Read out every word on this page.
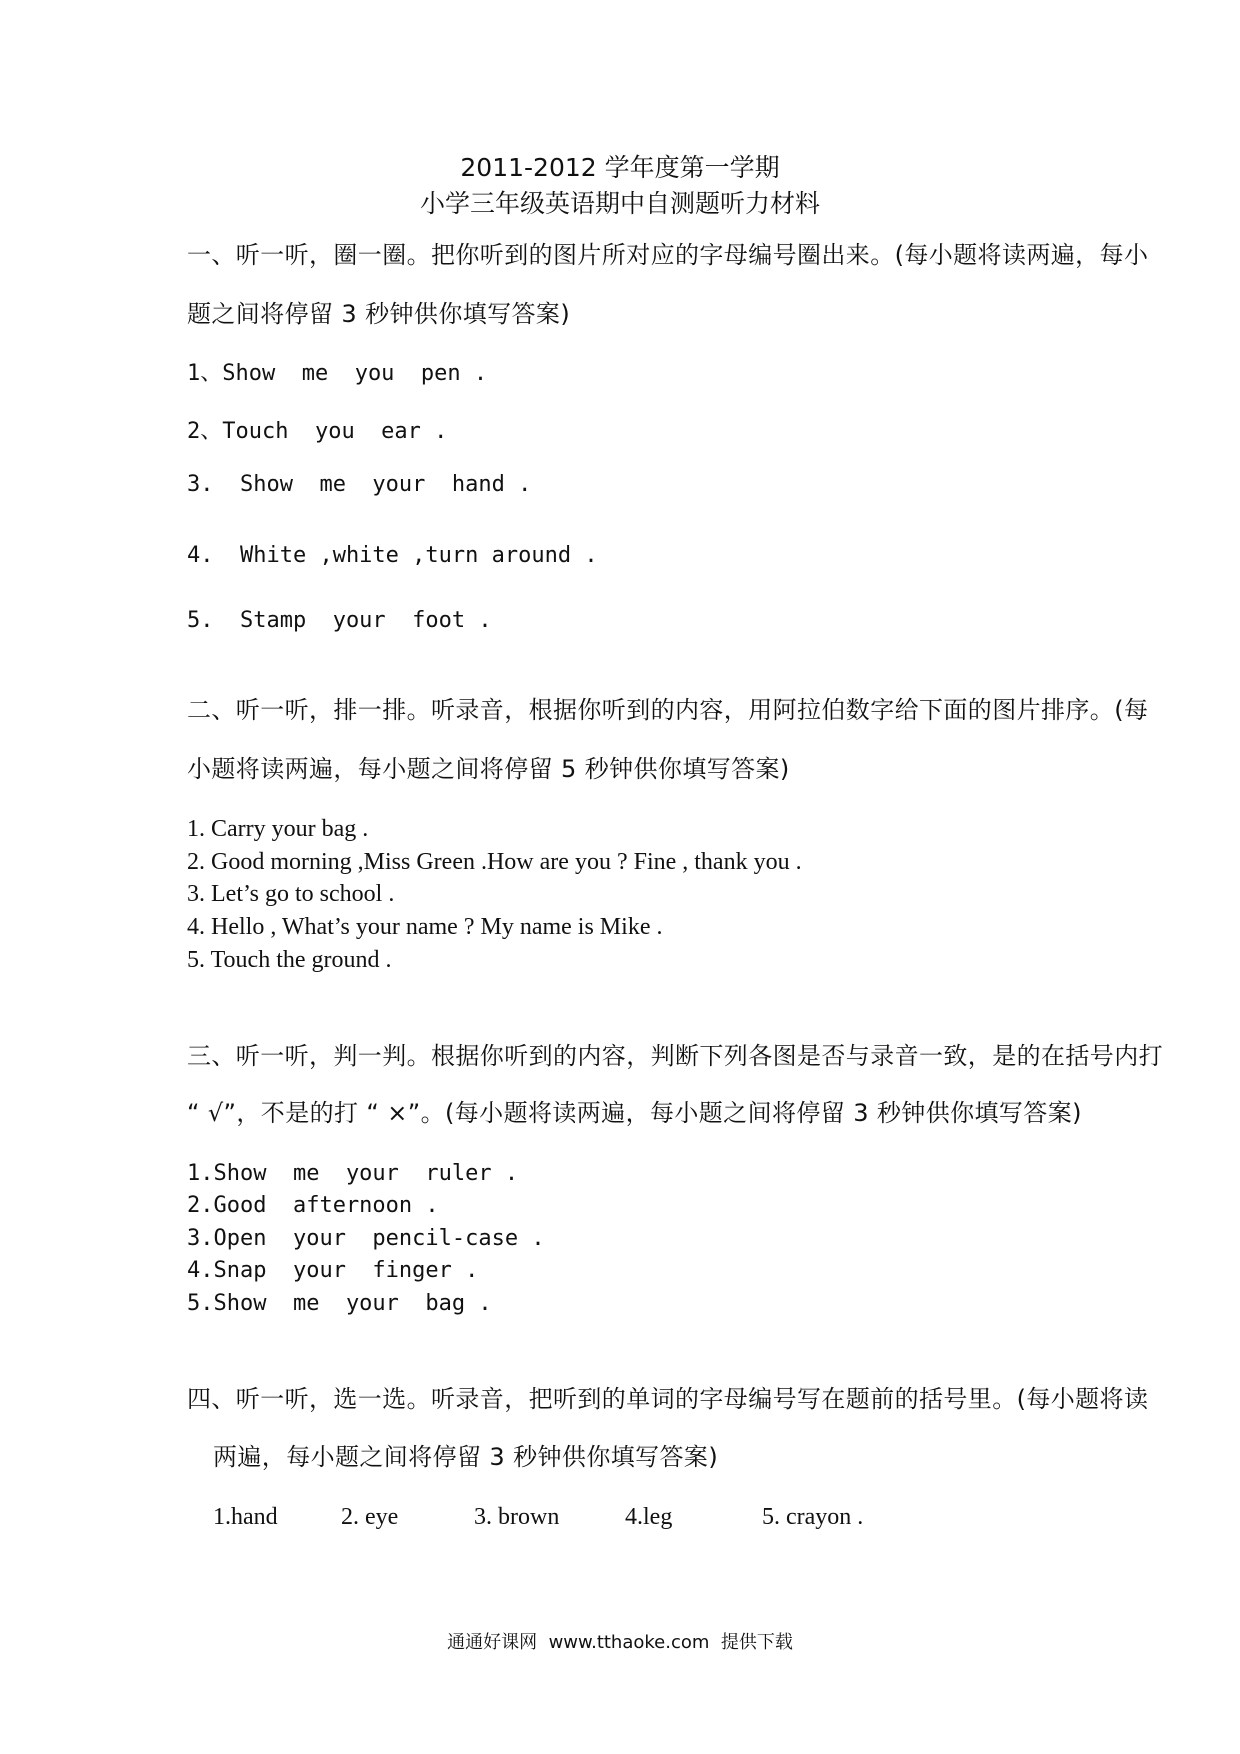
2011-2012 学年度第一学期
小学三年级英语期中自测题听力材料
一、听一听，圈一圈。把你听到的图片所对应的字母编号圈出来。(每小题将读两遍，每小
题之间将停留 3 秒钟供你填写答案)
1、Show  me  you  pen .
2、Touch  you  ear .
3.  Show  me  your  hand .
4.  White ,white ,turn around .
5.  Stamp  your  foot .
二、听一听，排一排。听录音，根据你听到的内容，用阿拉伯数字给下面的图片排序。(每
小题将读两遍，每小题之间将停留 5 秒钟供你填写答案)
1. Carry your bag .
2. Good morning ,Miss Green .How are you ? Fine , thank you .
3. Let’s go to school .
4. Hello , What’s your name ? My name is Mike .
5. Touch the ground .
三、听一听，判一判。根据你听到的内容，判断下列各图是否与录音一致，是的在括号内打
“ √”，不是的打 “ ×”。(每小题将读两遍，每小题之间将停留 3 秒钟供你填写答案)
1.Show  me  your  ruler .
2.Good  afternoon .
3.Open  your  pencil-case .
4.Snap  your  finger .
5.Show  me  your  bag .
四、听一听，选一选。听录音，把听到的单词的字母编号写在题前的括号里。(每小题将读
两遍，每小题之间将停留 3 秒钟供你填写答案)
1.hand	2. eye	3. brown	4.leg	5. crayon .
通通好课网  www.tthaoke.com  提供下载
